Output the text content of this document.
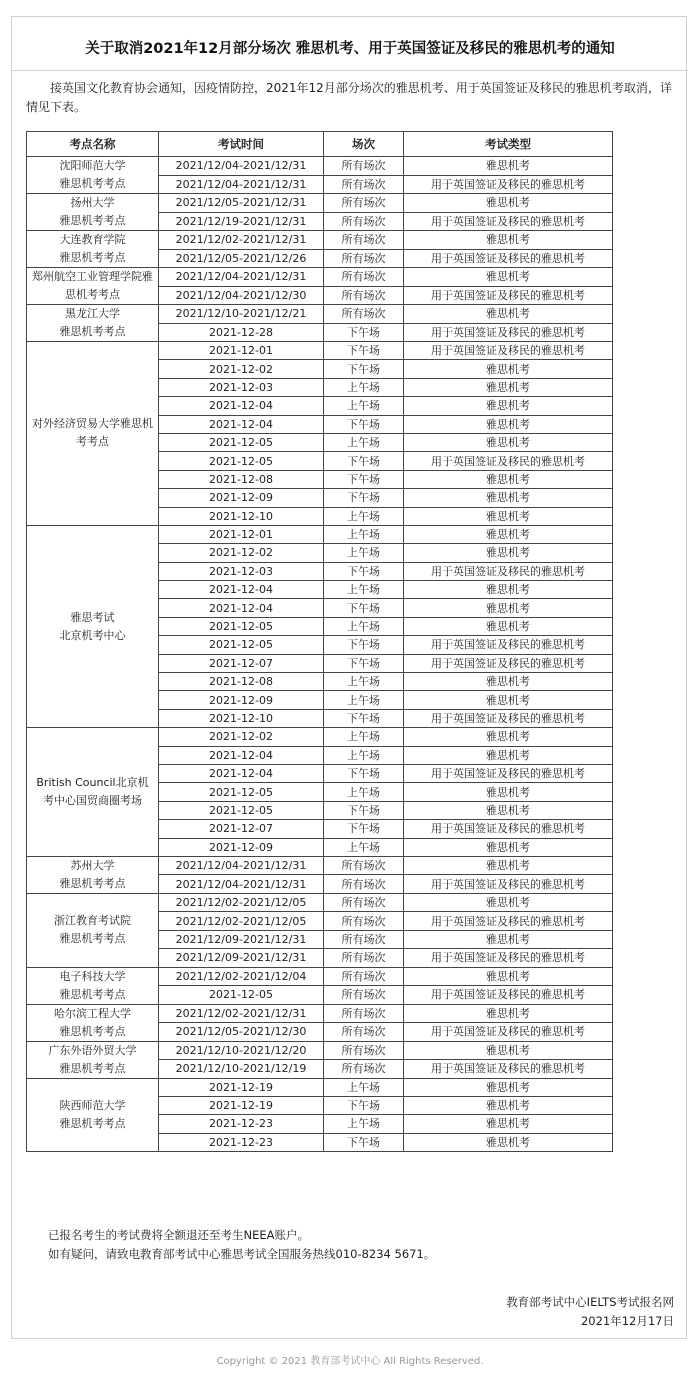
关于取消2021年12月部分场次 雅思机考、用于英国签证及移民的雅思机考的通知
接英国文化教育协会通知，因疫情防控，2021年12月部分场次的雅思机考、用于英国签证及移民的雅思机考取消，详情见下表。
考点名称	考试时间	场次	考试类型
沈阳师范大学
雅思机考考点	2021/12/04-2021/12/31	所有场次	雅思机考
	2021/12/04-2021/12/31	所有场次	用于英国签证及移民的雅思机考
扬州大学
雅思机考考点	2021/12/05-2021/12/31	所有场次	雅思机考
	2021/12/19-2021/12/31	所有场次	用于英国签证及移民的雅思机考
大连教育学院
雅思机考考点	2021/12/02-2021/12/31	所有场次	雅思机考
	2021/12/05-2021/12/26	所有场次	用于英国签证及移民的雅思机考
郑州航空工业管理学院雅思机考考点	2021/12/04-2021/12/31	所有场次	雅思机考
	2021/12/04-2021/12/30	所有场次	用于英国签证及移民的雅思机考
黑龙江大学
雅思机考考点	2021/12/10-2021/12/21	所有场次	雅思机考
	2021-12-28	下午场	用于英国签证及移民的雅思机考
对外经济贸易大学雅思机考考点	2021-12-01	下午场	用于英国签证及移民的雅思机考
	2021-12-02	下午场	雅思机考
	2021-12-03	上午场	雅思机考
	2021-12-04	上午场	雅思机考
	2021-12-04	下午场	雅思机考
	2021-12-05	上午场	雅思机考
	2021-12-05	下午场	用于英国签证及移民的雅思机考
	2021-12-08	下午场	雅思机考
	2021-12-09	下午场	雅思机考
	2021-12-10	上午场	雅思机考
雅思考试
北京机考中心	2021-12-01	上午场	雅思机考
	2021-12-02	上午场	雅思机考
	2021-12-03	下午场	用于英国签证及移民的雅思机考
	2021-12-04	上午场	雅思机考
	2021-12-04	下午场	雅思机考
	2021-12-05	上午场	雅思机考
	2021-12-05	下午场	用于英国签证及移民的雅思机考
	2021-12-07	下午场	用于英国签证及移民的雅思机考
	2021-12-08	上午场	雅思机考
	2021-12-09	上午场	雅思机考
	2021-12-10	下午场	用于英国签证及移民的雅思机考
British Council北京机考中心国贸商圈考场	2021-12-02	上午场	雅思机考
	2021-12-04	上午场	雅思机考
	2021-12-04	下午场	用于英国签证及移民的雅思机考
	2021-12-05	上午场	雅思机考
	2021-12-05	下午场	雅思机考
	2021-12-07	下午场	用于英国签证及移民的雅思机考
	2021-12-09	上午场	雅思机考
苏州大学
雅思机考考点	2021/12/04-2021/12/31	所有场次	雅思机考
	2021/12/04-2021/12/31	所有场次	用于英国签证及移民的雅思机考
浙江教育考试院
雅思机考考点	2021/12/02-2021/12/05	所有场次	雅思机考
	2021/12/02-2021/12/05	所有场次	用于英国签证及移民的雅思机考
	2021/12/09-2021/12/31	所有场次	雅思机考
	2021/12/09-2021/12/31	所有场次	用于英国签证及移民的雅思机考
电子科技大学
雅思机考考点	2021/12/02-2021/12/04	所有场次	雅思机考
	2021-12-05	所有场次	用于英国签证及移民的雅思机考
哈尔滨工程大学
雅思机考考点	2021/12/02-2021/12/31	所有场次	雅思机考
	2021/12/05-2021/12/30	所有场次	用于英国签证及移民的雅思机考
广东外语外贸大学
雅思机考考点	2021/12/10-2021/12/20	所有场次	雅思机考
	2021/12/10-2021/12/19	所有场次	用于英国签证及移民的雅思机考
陕西师范大学
雅思机考考点	2021-12-19	上午场	雅思机考
	2021-12-19	下午场	雅思机考
	2021-12-23	上午场	雅思机考
	2021-12-23	下午场	雅思机考
已报名考生的考试费将全额退还至考生NEEA账户。
如有疑问，请致电教育部考试中心雅思考试全国服务热线010-8234 5671。
教育部考试中心IELTS考试报名网
2021年12月17日
Copyright © 2021 教育部考试中心 All Rights Reserved.
